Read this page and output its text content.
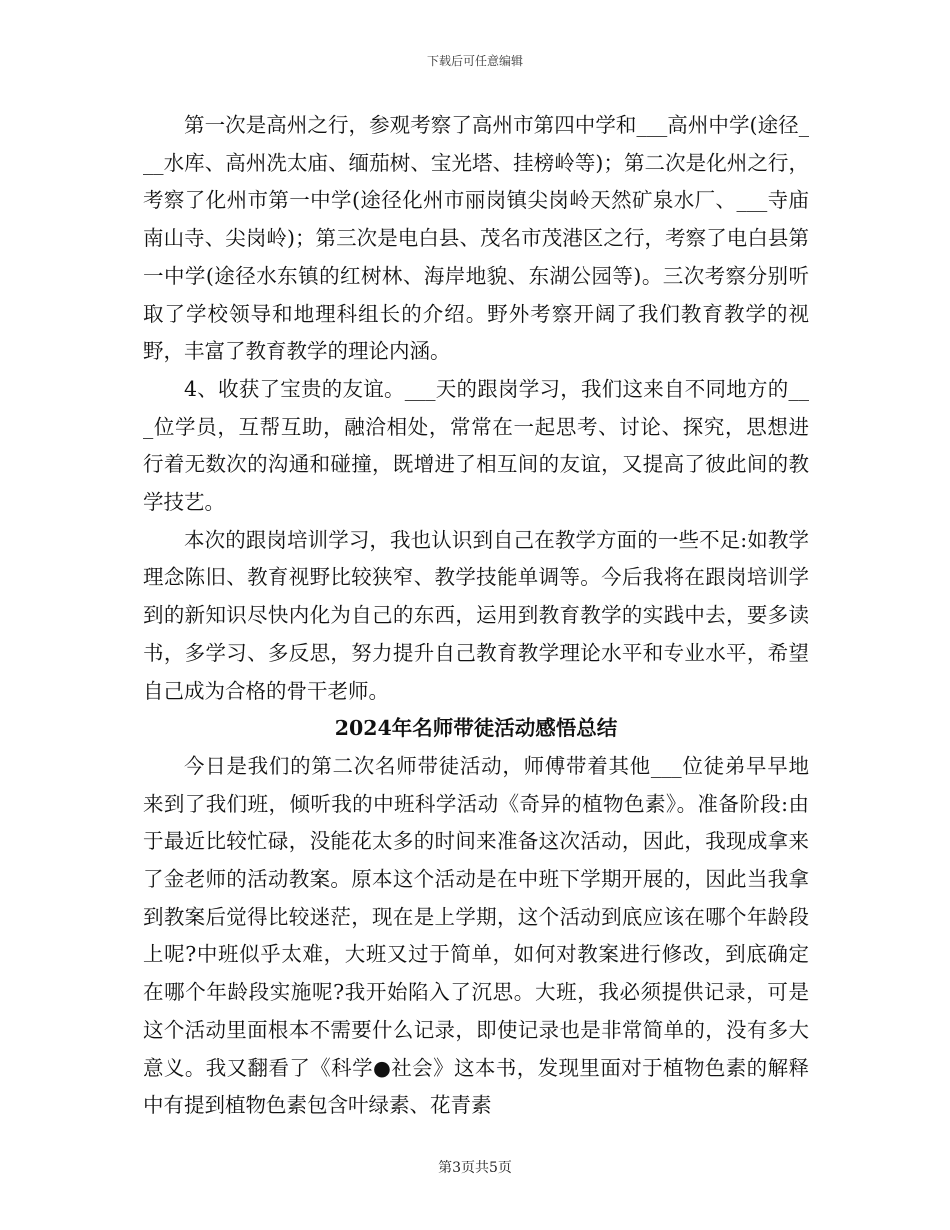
下载后可任意编辑

第一次是高州之行，参观考察了高州市第四中学和___高州中学(途径___水库、高州冼太庙、缅茄树、宝光塔、挂榜岭等)；第二次是化州之行，考察了化州市第一中学(途径化州市丽岗镇尖岗岭天然矿泉水厂、___寺庙南山寺、尖岗岭)；第三次是电白县、茂名市茂港区之行，考察了电白县第一中学(途径水东镇的红树林、海岸地貌、东湖公园等)。三次考察分别听取了学校领导和地理科组长的介绍。野外考察开阔了我们教育教学的视野，丰富了教育教学的理论内涵。

4、收获了宝贵的友谊。___天的跟岗学习，我们这来自不同地方的___位学员，互帮互助，融洽相处，常常在一起思考、讨论、探究，思想进行着无数次的沟通和碰撞，既增进了相互间的友谊，又提高了彼此间的教学技艺。

本次的跟岗培训学习，我也认识到自己在教学方面的一些不足:如教学理念陈旧、教育视野比较狭窄、教学技能单调等。今后我将在跟岗培训学到的新知识尽快内化为自己的东西，运用到教育教学的实践中去，要多读书，多学习、多反思，努力提升自己教育教学理论水平和专业水平，希望自己成为合格的骨干老师。

2024年名师带徒活动感悟总结

今日是我们的第二次名师带徒活动，师傅带着其他___位徒弟早早地来到了我们班，倾听我的中班科学活动《奇异的植物色素》。准备阶段:由于最近比较忙碌，没能花太多的时间来准备这次活动，因此，我现成拿来了金老师的活动教案。原本这个活动是在中班下学期开展的，因此当我拿到教案后觉得比较迷茫，现在是上学期，这个活动到底应该在哪个年龄段上呢?中班似乎太难，大班又过于简单，如何对教案进行修改，到底确定在哪个年龄段实施呢?我开始陷入了沉思。大班，我必须提供记录，可是这个活动里面根本不需要什么记录，即使记录也是非常简单的，没有多大意义。我又翻看了《科学●社会》这本书，发现里面对于植物色素的解释中有提到植物色素包含叶绿素、花青素

第3页共5页
